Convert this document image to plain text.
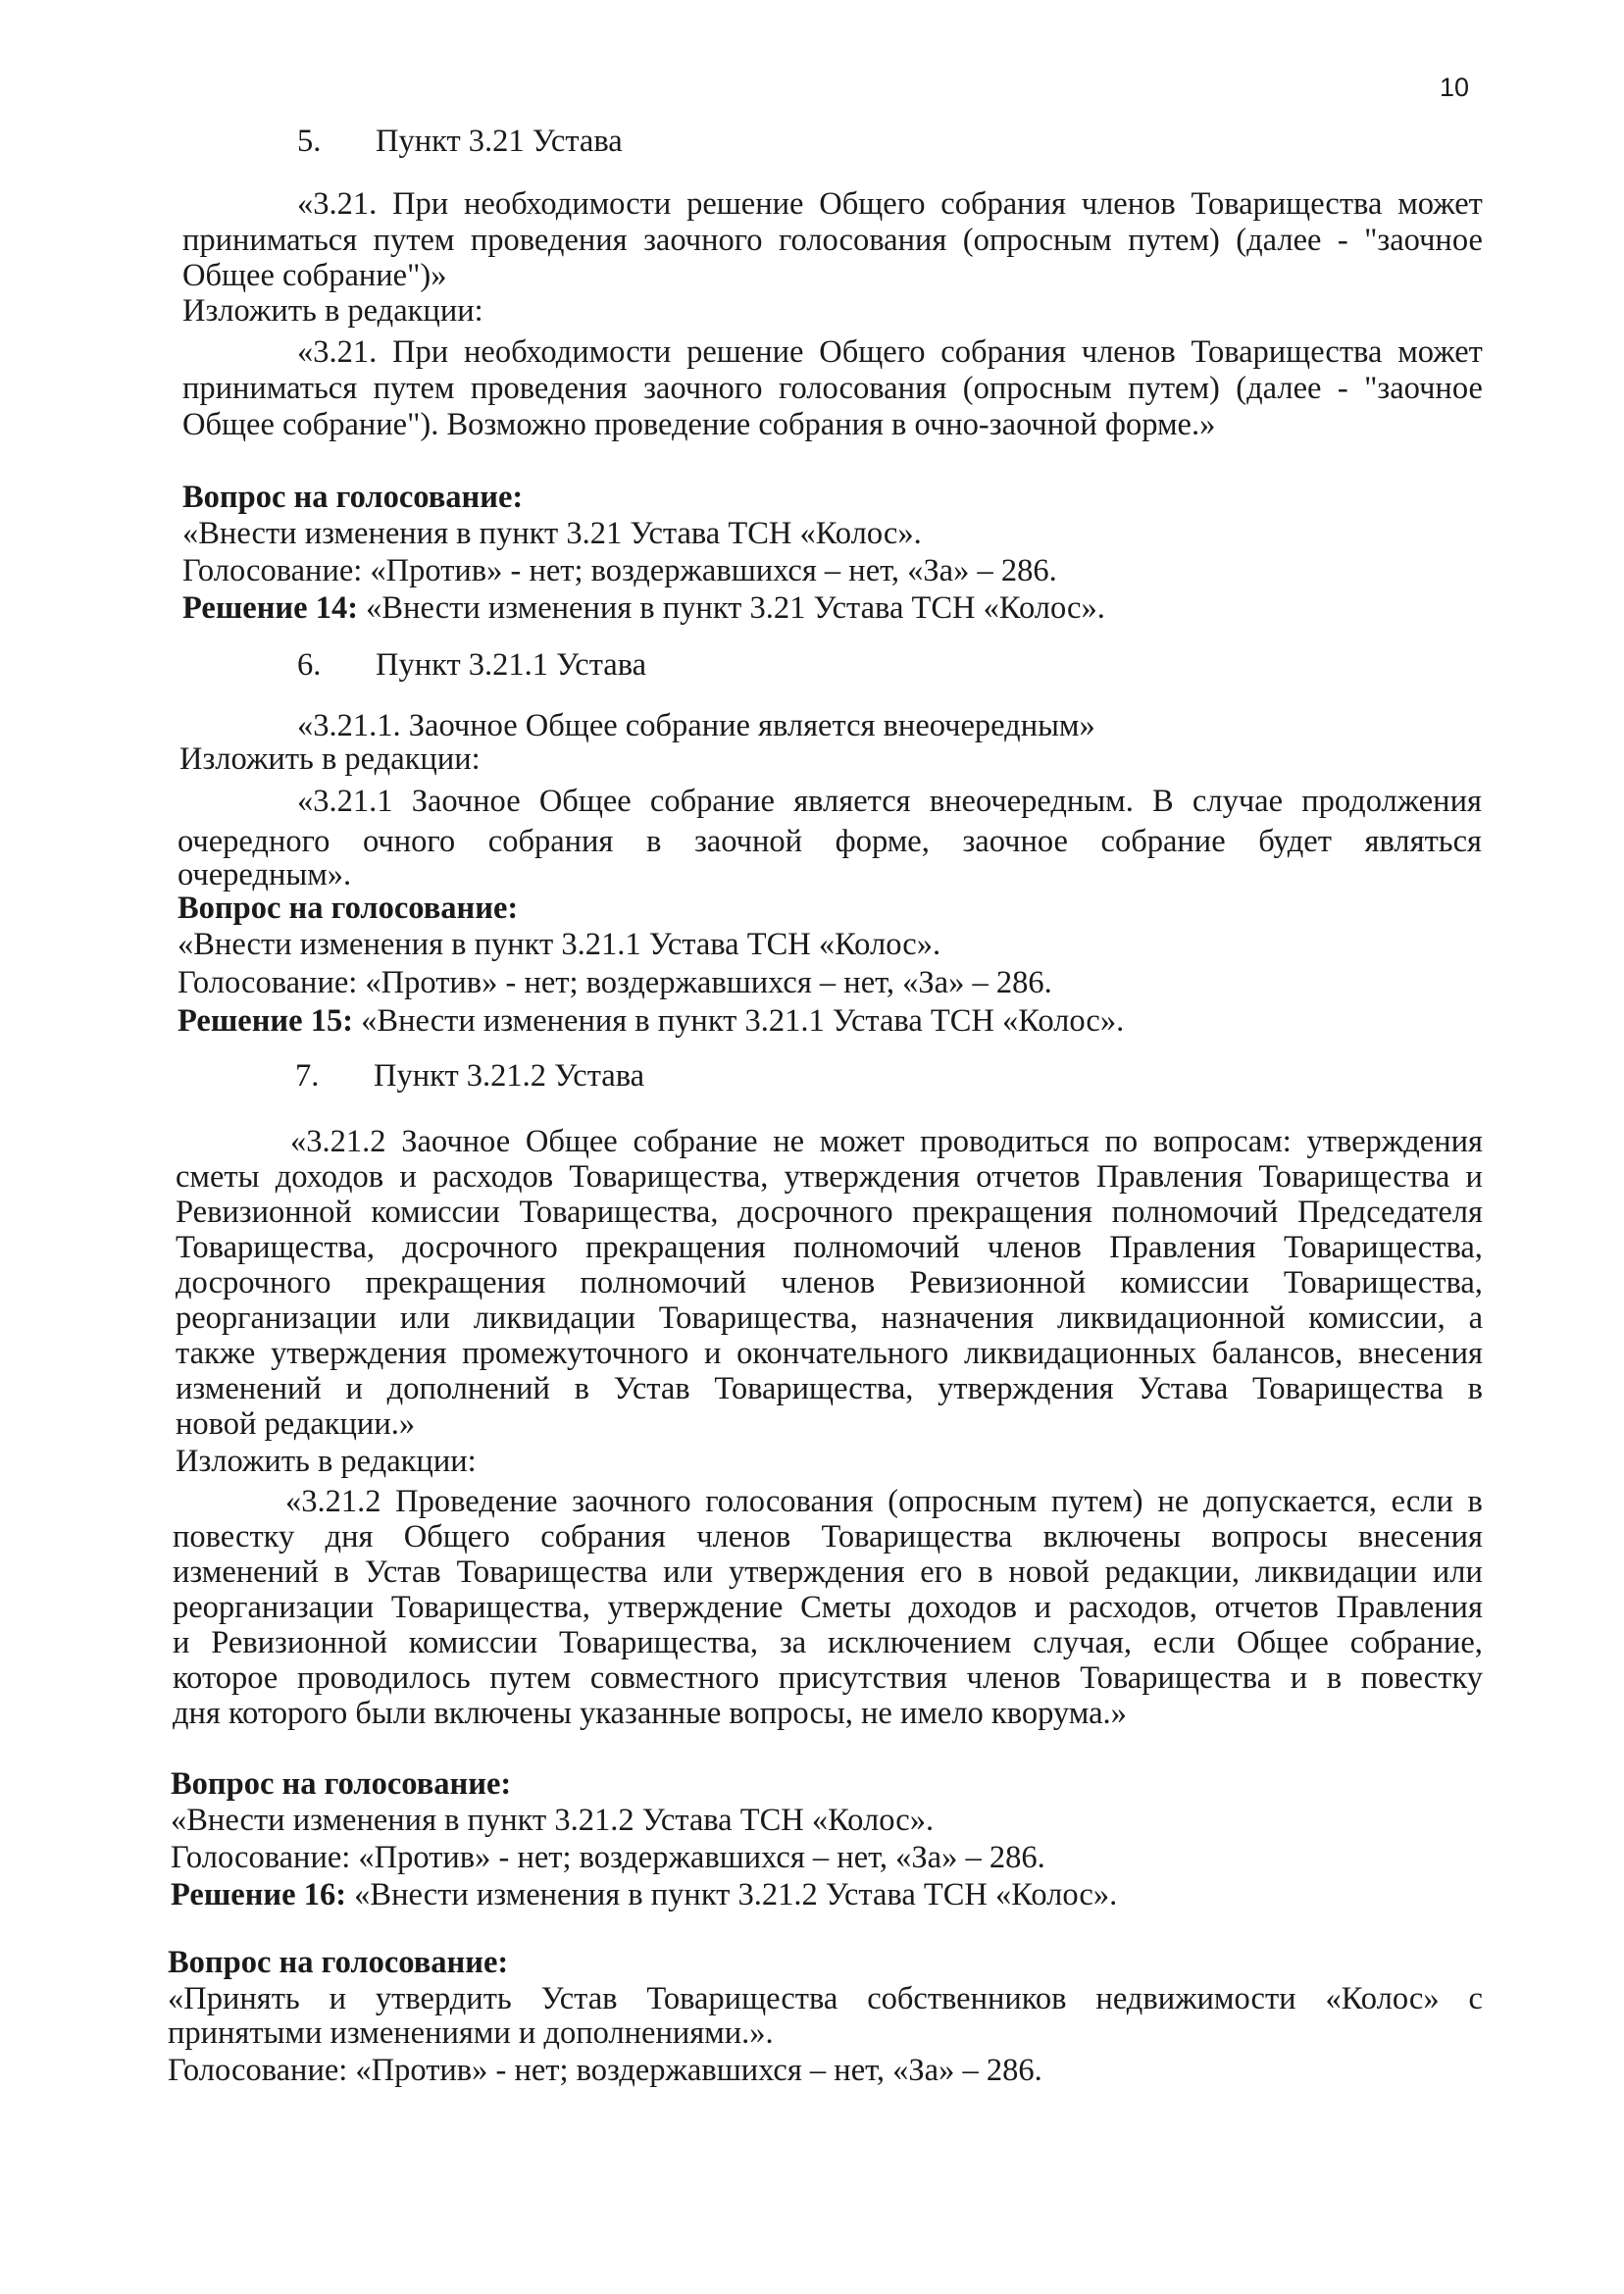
10
5. Пункт 3.21 Устава
«3.21. При необходимости решение Общего собрания членов Товарищества может
приниматься путем проведения заочного голосования (опросным путем) (далее - "заочное
Общее собрание")»
Изложить в редакции:
«3.21. При необходимости решение Общего собрания членов Товарищества может
приниматься путем проведения заочного голосования (опросным путем) (далее - "заочное
Общее собрание"). Возможно проведение собрания в очно-заочной форме.»
Вопрос на голосование:
«Внести изменения в пункт 3.21 Устава ТСН «Колос».
Голосование: «Против» - нет; воздержавшихся – нет, «За» – 286.
Решение 14: «Внести изменения в пункт 3.21 Устава ТСН «Колос».
6. Пункт 3.21.1 Устава
«3.21.1. Заочное Общее собрание является внеочередным»
Изложить в редакции:
«3.21.1 Заочное Общее собрание является внеочередным. В случае продолжения
очередного очного собрания в заочной форме, заочное собрание будет являться
очередным».
Вопрос на голосование:
«Внести изменения в пункт 3.21.1 Устава ТСН «Колос».
Голосование: «Против» - нет; воздержавшихся – нет, «За» – 286.
Решение 15: «Внести изменения в пункт 3.21.1 Устава ТСН «Колос».
7. Пункт 3.21.2 Устава
«3.21.2 Заочное Общее собрание не может проводиться по вопросам: утверждения
сметы доходов и расходов Товарищества, утверждения отчетов Правления Товарищества и
Ревизионной комиссии Товарищества, досрочного прекращения полномочий Председателя
Товарищества, досрочного прекращения полномочий членов Правления Товарищества,
досрочного прекращения полномочий членов Ревизионной комиссии Товарищества,
реорганизации или ликвидации Товарищества, назначения ликвидационной комиссии, а
также утверждения промежуточного и окончательного ликвидационных балансов, внесения
изменений и дополнений в Устав Товарищества, утверждения Устава Товарищества в
новой редакции.»
Изложить в редакции:
«3.21.2 Проведение заочного голосования (опросным путем) не допускается, если в
повестку дня Общего собрания членов Товарищества включены вопросы внесения
изменений в Устав Товарищества или утверждения его в новой редакции, ликвидации или
реорганизации Товарищества, утверждение Сметы доходов и расходов, отчетов Правления
и Ревизионной комиссии Товарищества, за исключением случая, если Общее собрание,
которое проводилось путем совместного присутствия членов Товарищества и в повестку
дня которого были включены указанные вопросы, не имело кворума.»
Вопрос на голосование:
«Внести изменения в пункт 3.21.2 Устава ТСН «Колос».
Голосование: «Против» - нет; воздержавшихся – нет, «За» – 286.
Решение 16: «Внести изменения в пункт 3.21.2 Устава ТСН «Колос».
Вопрос на голосование:
«Принять и утвердить Устав Товарищества собственников недвижимости «Колос» с
принятыми изменениями и дополнениями.».
Голосование: «Против» - нет; воздержавшихся – нет, «За» – 286.
